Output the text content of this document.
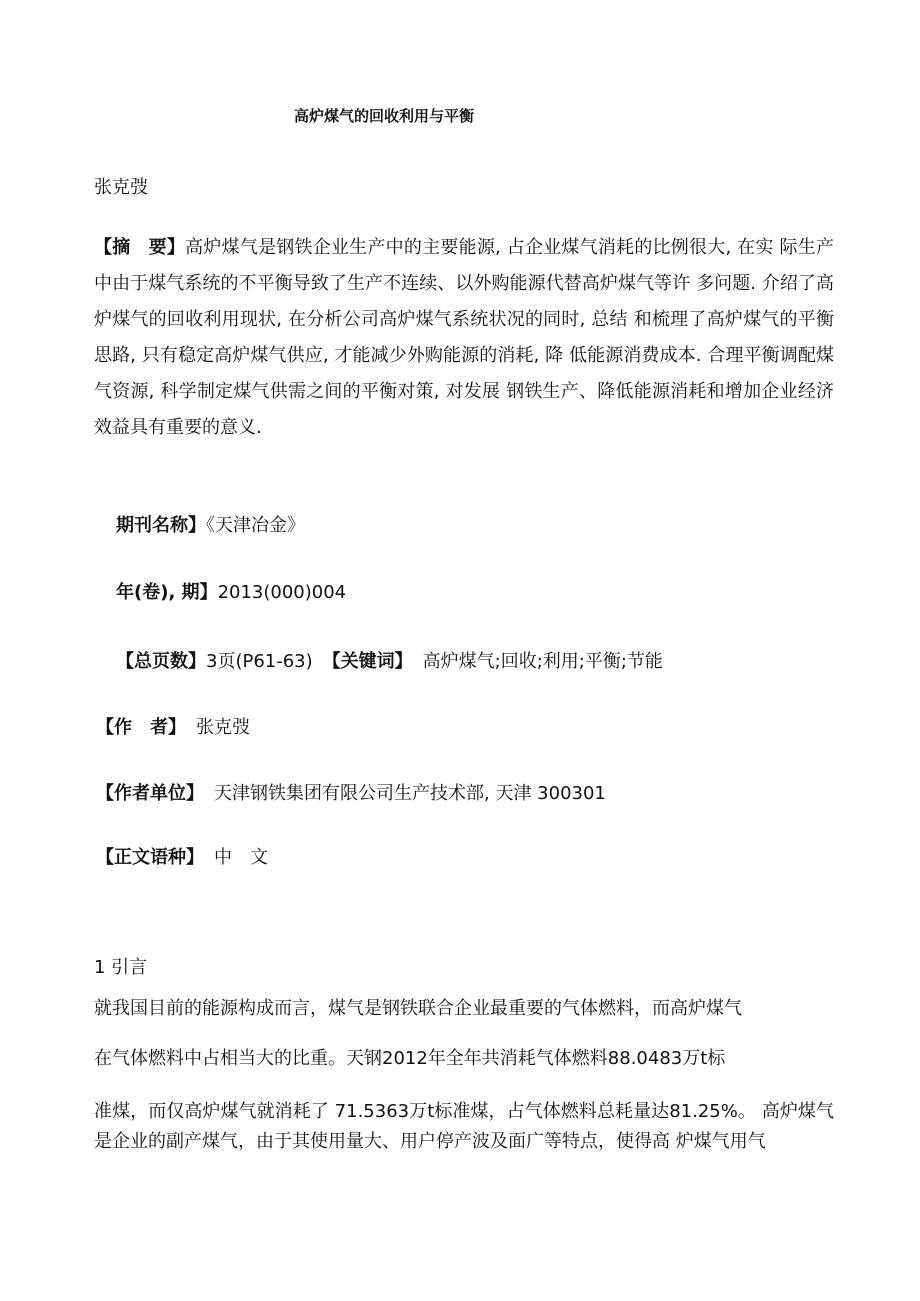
高炉煤气的回收利用与平衡
张克弢
【摘　要】高炉煤气是钢铁企业生产中的主要能源, 占企业煤气消耗的比例很大, 在实 际生产中由于煤气系统的不平衡导致了生产不连续、以外购能源代替高炉煤气等许 多问题. 介绍了高炉煤气的回收利用现状, 在分析公司高炉煤气系统状况的同时, 总结 和梳理了高炉煤气的平衡思路, 只有稳定高炉煤气供应, 才能减少外购能源的消耗, 降 低能源消费成本. 合理平衡调配煤气资源, 科学制定煤气供需之间的平衡对策, 对发展 钢铁生产、降低能源消耗和增加企业经济效益具有重要的意义.
期刊名称】《天津冶金》
年(卷), 期】2013(000)004
【总页数】3页(P61-63) 【关键词】 高炉煤气;回收;利用;平衡;节能
【作　者】 张克弢
【作者单位】 天津钢铁集团有限公司生产技术部, 天津 300301
【正文语种】 中　文
1 引言
就我国目前的能源构成而言，煤气是钢铁联合企业最重要的气体燃料，而高炉煤气
在气体燃料中占相当大的比重。天钢2012年全年共消耗气体燃料88.0483万t标
准煤，而仅高炉煤气就消耗了 71.5363万t标准煤，占气体燃料总耗量达81.25%。 高炉煤气是企业的副产煤气，由于其使用量大、用户停产波及面广等特点，使得高 炉煤气用气
